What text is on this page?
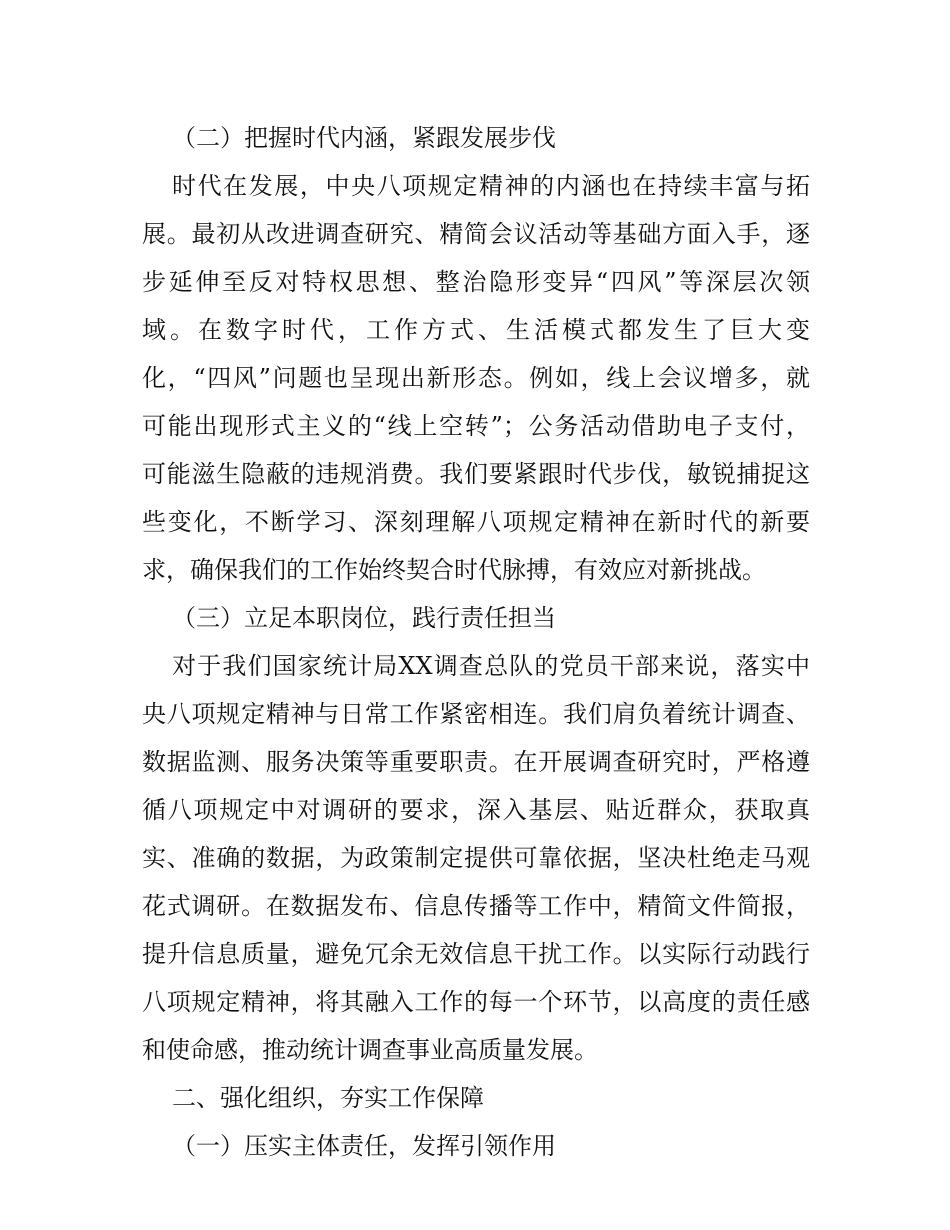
（二）把握时代内涵，紧跟发展步伐
时代在发展，中央八项规定精神的内涵也在持续丰富与拓
展。最初从改进调查研究、精简会议活动等基础方面入手，逐
步延伸至反对特权思想、整治隐形变异“四风”等深层次领
域。在数字时代，工作方式、生活模式都发生了巨大变
化，“四风”问题也呈现出新形态。例如，线上会议增多，就
可能出现形式主义的“线上空转”；公务活动借助电子支付，
可能滋生隐蔽的违规消费。我们要紧跟时代步伐，敏锐捕捉这
些变化，不断学习、深刻理解八项规定精神在新时代的新要
求，确保我们的工作始终契合时代脉搏，有效应对新挑战。
（三）立足本职岗位，践行责任担当
对于我们国家统计局XX调查总队的党员干部来说，落实中
央八项规定精神与日常工作紧密相连。我们肩负着统计调查、
数据监测、服务决策等重要职责。在开展调查研究时，严格遵
循八项规定中对调研的要求，深入基层、贴近群众，获取真
实、准确的数据，为政策制定提供可靠依据，坚决杜绝走马观
花式调研。在数据发布、信息传播等工作中，精简文件简报，
提升信息质量，避免冗余无效信息干扰工作。以实际行动践行
八项规定精神，将其融入工作的每一个环节，以高度的责任感
和使命感，推动统计调查事业高质量发展。
二、强化组织，夯实工作保障
（一）压实主体责任，发挥引领作用
